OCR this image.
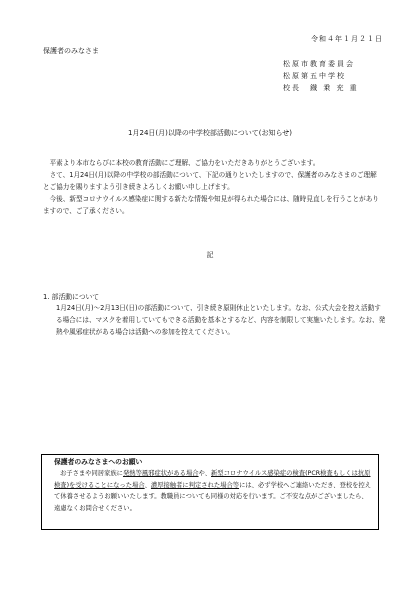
令和４年１月２１日
保護者のみなさま
松原市教育委員会
松原第五中学校
校長　鐡 乗 充 重
1月24日(月)以降の中学校部活動について(お知らせ)
　平素より本市ならびに本校の教育活動にご理解、ご協力をいただきありがとうございます。
　さて、1月24日(月)以降の中学校の部活動について、下記の通りといたしますので、保護者のみなさまのご理解とご協力を賜りますよう引き続きよろしくお願い申し上げます。
　今後、新型コロナウイルス感染症に関する新たな情報や知見が得られた場合には、随時見直しを行うことがありますので、ご了承ください。
記
1. 部活動について
1月24日(月)～2月13日(日)の部活動について、引き続き原則休止といたします。なお、公式大会を控え活動する場合には、マスクを着用していてもできる活動を基本とするなど、内容を制限して実施いたします。なお、発熱や風邪症状がある場合は活動への参加を控えてください。
保護者のみなさまへのお願い
お子さまや同居家族に発熱等風邪症状がある場合や、新型コロナウイルス感染症の検査(PCR検査もしくは抗原検査)を受けることになった場合、濃厚接触者に判定された場合等には、必ず学校へご連絡いただき、登校を控えて休養させるようお願いいたします。教職員についても同様の対応を行います。ご不安な点がございましたら、遠慮なくお問合せください。
